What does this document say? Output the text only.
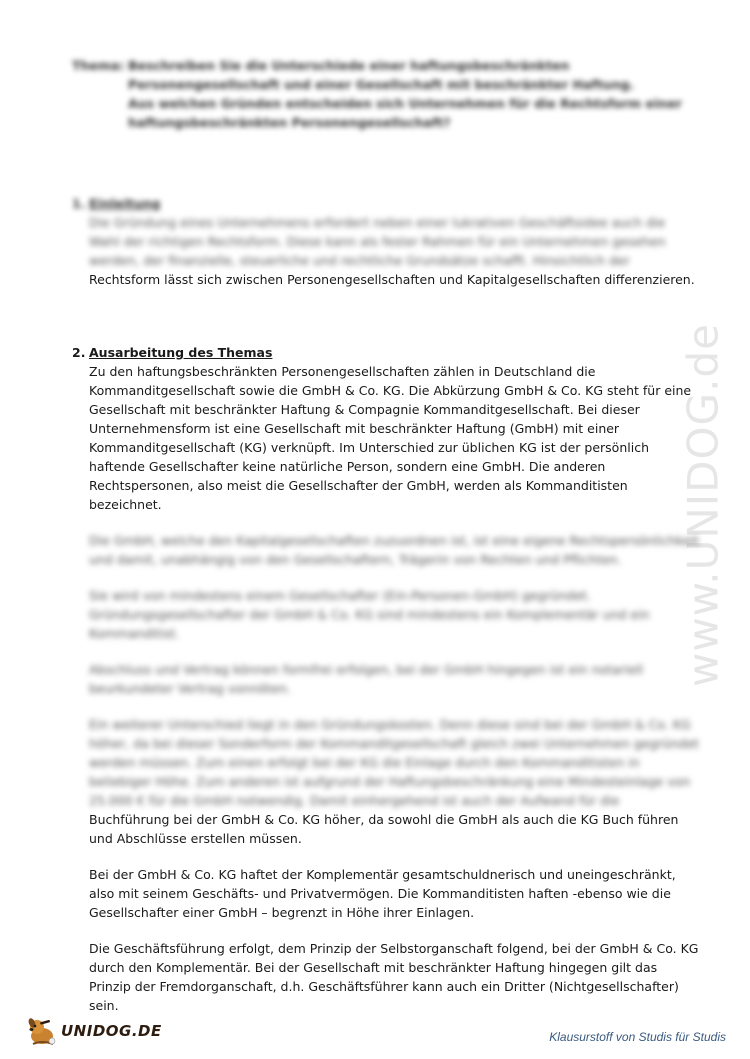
www.UNIDOG.de
Thema: Beschreiben Sie die Unterschiede einer haftungsbeschränkten
Personengesellschaft und einer Gesellschaft mit beschränkter Haftung.
Aus welchen Gründen entscheiden sich Unternehmen für die Rechtsform einer
haftungsbeschränkten Personengesellschaft?
1. Einleitung
Die Gründung eines Unternehmens erfordert neben einer lukrativen Geschäftsidee auch die
Wahl der richtigen Rechtsform. Diese kann als fester Rahmen für ein Unternehmen gesehen
werden, der finanzielle, steuerliche und rechtliche Grundsätze schafft. Hinsichtlich der
Rechtsform lässt sich zwischen Personengesellschaften und Kapitalgesellschaften differenzieren.
2. Ausarbeitung des Themas
Zu den haftungsbeschränkten Personengesellschaften zählen in Deutschland die
Kommanditgesellschaft sowie die GmbH & Co. KG. Die Abkürzung GmbH & Co. KG steht für eine
Gesellschaft mit beschränkter Haftung & Compagnie Kommanditgesellschaft. Bei dieser
Unternehmensform ist eine Gesellschaft mit beschränkter Haftung (GmbH) mit einer
Kommanditgesellschaft (KG) verknüpft. Im Unterschied zur üblichen KG ist der persönlich
haftende Gesellschafter keine natürliche Person, sondern eine GmbH. Die anderen
Rechtspersonen, also meist die Gesellschafter der GmbH, werden als Kommanditisten
bezeichnet.
Die GmbH, welche den Kapitalgesellschaften zuzuordnen ist, ist eine eigene Rechtspersönlichkeit
und damit, unabhängig von den Gesellschaftern, Trägerin von Rechten und Pflichten.
Sie wird von mindestens einem Gesellschafter (Ein-Personen-GmbH) gegründet.
Gründungsgesellschafter der GmbH & Co. KG sind mindestens ein Komplementär und ein
Kommanditist.
Abschluss und Vertrag können formfrei erfolgen, bei der GmbH hingegen ist ein notariell
beurkundeter Vertrag vonnöten.
Ein weiterer Unterschied liegt in den Gründungskosten. Denn diese sind bei der GmbH & Co. KG
höher, da bei dieser Sonderform der Kommanditgesellschaft gleich zwei Unternehmen gegründet
werden müssen. Zum einen erfolgt bei der KG die Einlage durch den Kommanditisten in
beliebiger Höhe. Zum anderen ist aufgrund der Haftungsbeschränkung eine Mindesteinlage von
25.000 € für die GmbH notwendig. Damit einhergehend ist auch der Aufwand für die
Buchführung bei der GmbH & Co. KG höher, da sowohl die GmbH als auch die KG Buch führen
und Abschlüsse erstellen müssen.
Bei der GmbH & Co. KG haftet der Komplementär gesamtschuldnerisch und uneingeschränkt,
also mit seinem Geschäfts- und Privatvermögen. Die Kommanditisten haften -ebenso wie die
Gesellschafter einer GmbH – begrenzt in Höhe ihrer Einlagen.
Die Geschäftsführung erfolgt, dem Prinzip der Selbstorganschaft folgend, bei der GmbH & Co. KG
durch den Komplementär. Bei der Gesellschaft mit beschränkter Haftung hingegen gilt das
Prinzip der Fremdorganschaft, d.h. Geschäftsführer kann auch ein Dritter (Nichtgesellschafter)
sein.
UNIDOG.DE	Klausurstoff von Studis für Studis
